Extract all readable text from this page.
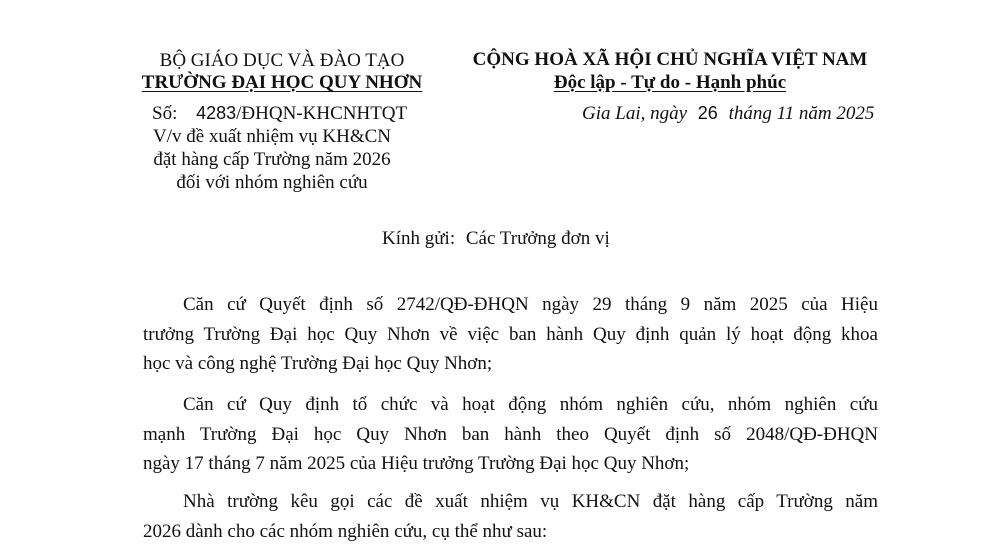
BỘ GIÁO DỤC VÀ ĐÀO TẠO
TRƯỜNG ĐẠI HỌC QUY NHƠN
Số: 4283/ĐHQN-KHCNHTQT
V/v đề xuất nhiệm vụ KH&CN
đặt hàng cấp Trường năm 2026
đối với nhóm nghiên cứu
CỘNG HOÀ XÃ HỘI CHỦ NGHĨA VIỆT NAM
Độc lập - Tự do - Hạnh phúc
Gia Lai, ngày 26 tháng 11 năm 2025
Kính gửi: Các Trưởng đơn vị
Căn cứ Quyết định số 2742/QĐ-ĐHQN ngày 29 tháng 9 năm 2025 của Hiệu
trưởng Trường Đại học Quy Nhơn về việc ban hành Quy định quản lý hoạt động khoa
học và công nghệ Trường Đại học Quy Nhơn;
Căn cứ Quy định tổ chức và hoạt động nhóm nghiên cứu, nhóm nghiên cứu
mạnh Trường Đại học Quy Nhơn ban hành theo Quyết định số 2048/QĐ-ĐHQN
ngày 17 tháng 7 năm 2025 của Hiệu trưởng Trường Đại học Quy Nhơn;
Nhà trường kêu gọi các đề xuất nhiệm vụ KH&CN đặt hàng cấp Trường năm
2026 dành cho các nhóm nghiên cứu, cụ thể như sau:
